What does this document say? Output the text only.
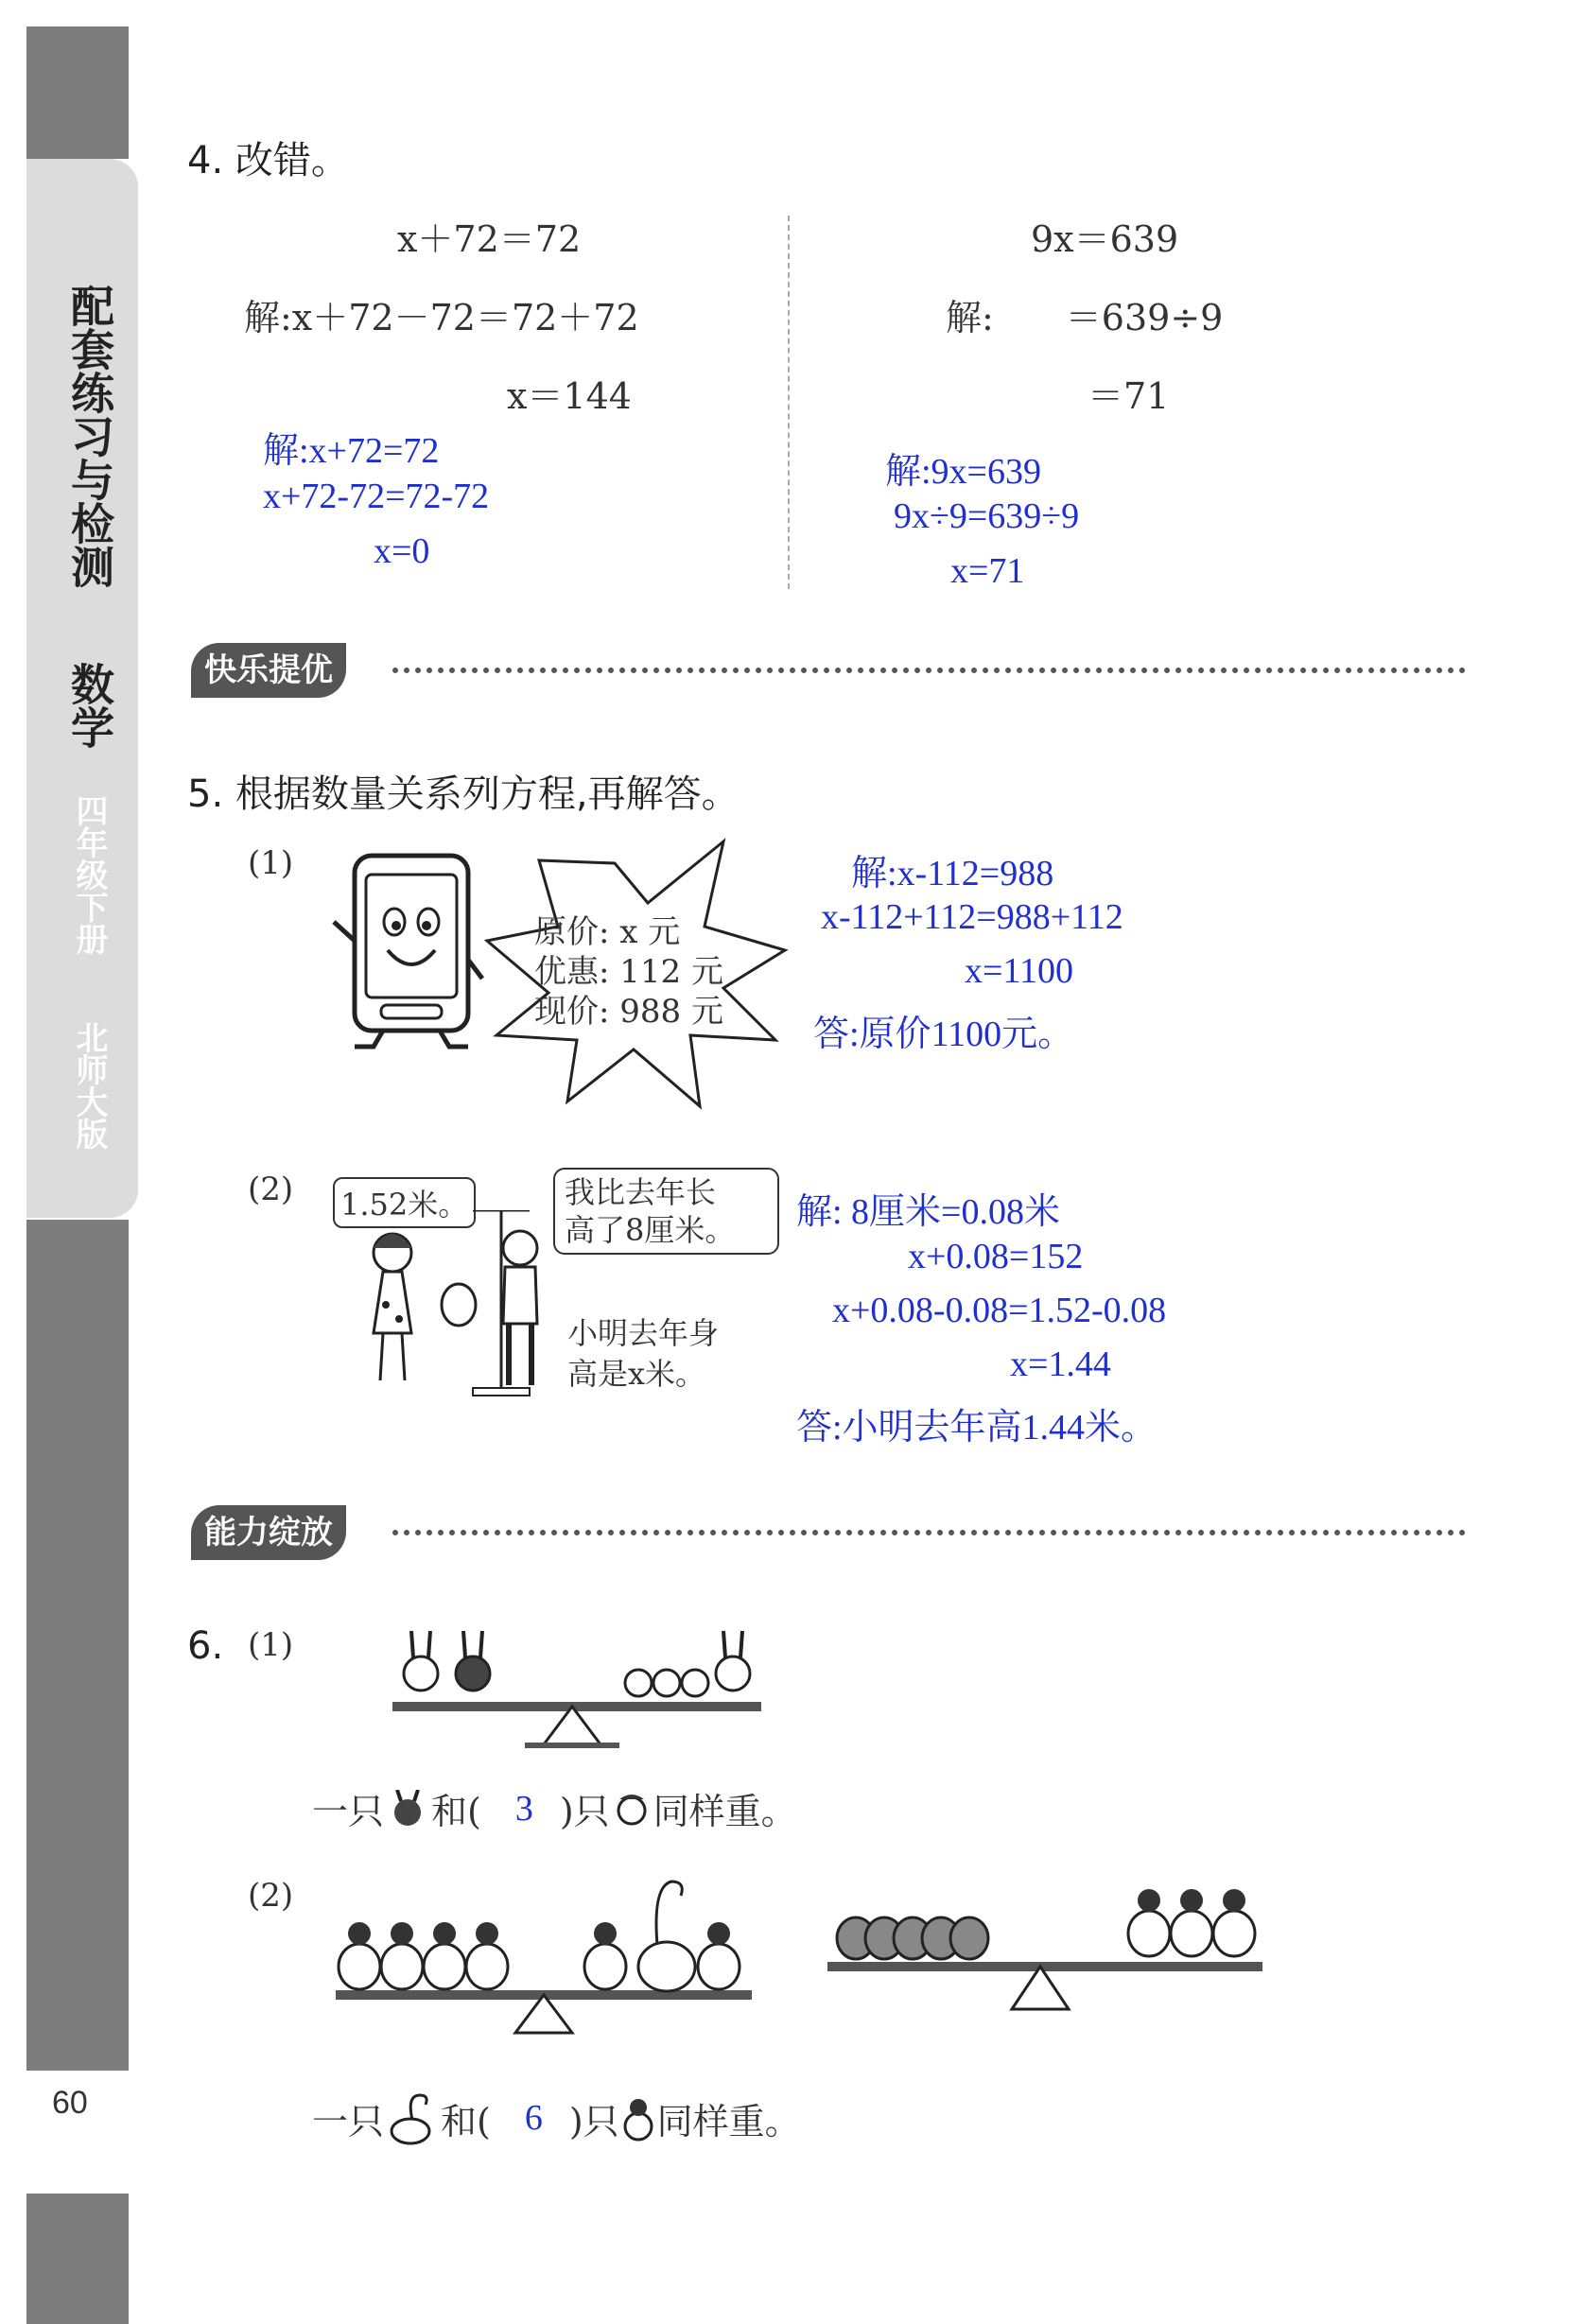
配套练习与检测
数学
四年级下册
北师大版
60
4. 改错。
x＋72＝72
解:x＋72－72＝72＋72
x＝144
解:x+72=72
x+72-72=72-72
x=0
9x＝639
解:　　＝639÷9
＝71
解:9x=639
9x÷9=639÷9
x=71
快乐提优
5. 根据数量关系列方程,再解答。
(1)
原价: x 元
优惠: 112 元
现价: 988 元
解:x-112=988
x-112+112=988+112
x=1100
答:原价1100元。
(2) 1.52米。	我比去年长
高了8厘米。
小明去年身
高是x米。
解: 8厘米=0.08米
x+0.08=152
x+0.08-0.08=1.52-0.08
x=1.44
答:小明去年高1.44米。
能力绽放
6. (1)
一只 和( 3 )只 同样重。
(2)
一只 和( 6 )只 同样重。
